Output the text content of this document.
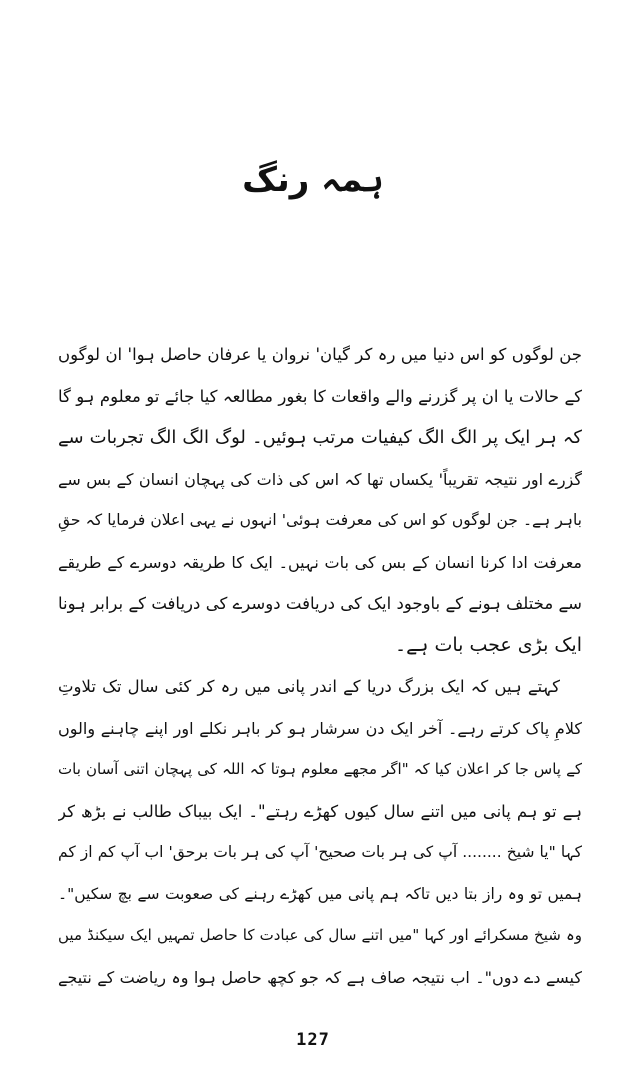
ہمہ رنگ
جن لوگوں کو اس دنیا میں رہ کر گیان' نروان یا عرفان حاصل ہوا' ان لوگوں
کے حالات یا ان پر گزرنے والے واقعات کا بغور مطالعہ کیا جائے تو معلوم ہو گا
کہ ہر ایک پر الگ الگ کیفیات مرتب ہوئیں۔ لوگ الگ الگ تجربات سے
گزرے اور نتیجہ تقریباً' یکساں تھا کہ اس کی ذات کی پہچان انسان کے بس سے
باہر ہے۔ جن لوگوں کو اس کی معرفت ہوئی' انہوں نے یہی اعلان فرمایا کہ حقِ
معرفت ادا کرنا انسان کے بس کی بات نہیں۔ ایک کا طریقہ دوسرے کے طریقے
سے مختلف ہونے کے باوجود ایک کی دریافت دوسرے کی دریافت کے برابر ہونا
ایک بڑی عجب بات ہے۔
کہتے ہیں کہ ایک بزرگ دریا کے اندر پانی میں رہ کر کئی سال تک تلاوتِ
کلامِ پاک کرتے رہے۔ آخر ایک دن سرشار ہو کر باہر نکلے اور اپنے چاہنے والوں
کے پاس جا کر اعلان کیا کہ "اگر مجھے معلوم ہوتا کہ اللہ کی پہچان اتنی آسان بات
ہے تو ہم پانی میں اتنے سال کیوں کھڑے رہتے"۔ ایک بیباک طالب نے بڑھ کر
کہا "یا شیخ ........ آپ کی ہر بات صحیح' آپ کی ہر بات برحق' اب آپ کم از کم
ہمیں تو وہ راز بتا دیں تاکہ ہم پانی میں کھڑے رہنے کی صعوبت سے بچ سکیں"۔
وہ شیخ مسکرائے اور کہا "میں اتنے سال کی عبادت کا حاصل تمہیں ایک سیکنڈ میں
کیسے دے دوں"۔ اب نتیجہ صاف ہے کہ جو کچھ حاصل ہوا وہ ریاضت کے نتیجے
127
